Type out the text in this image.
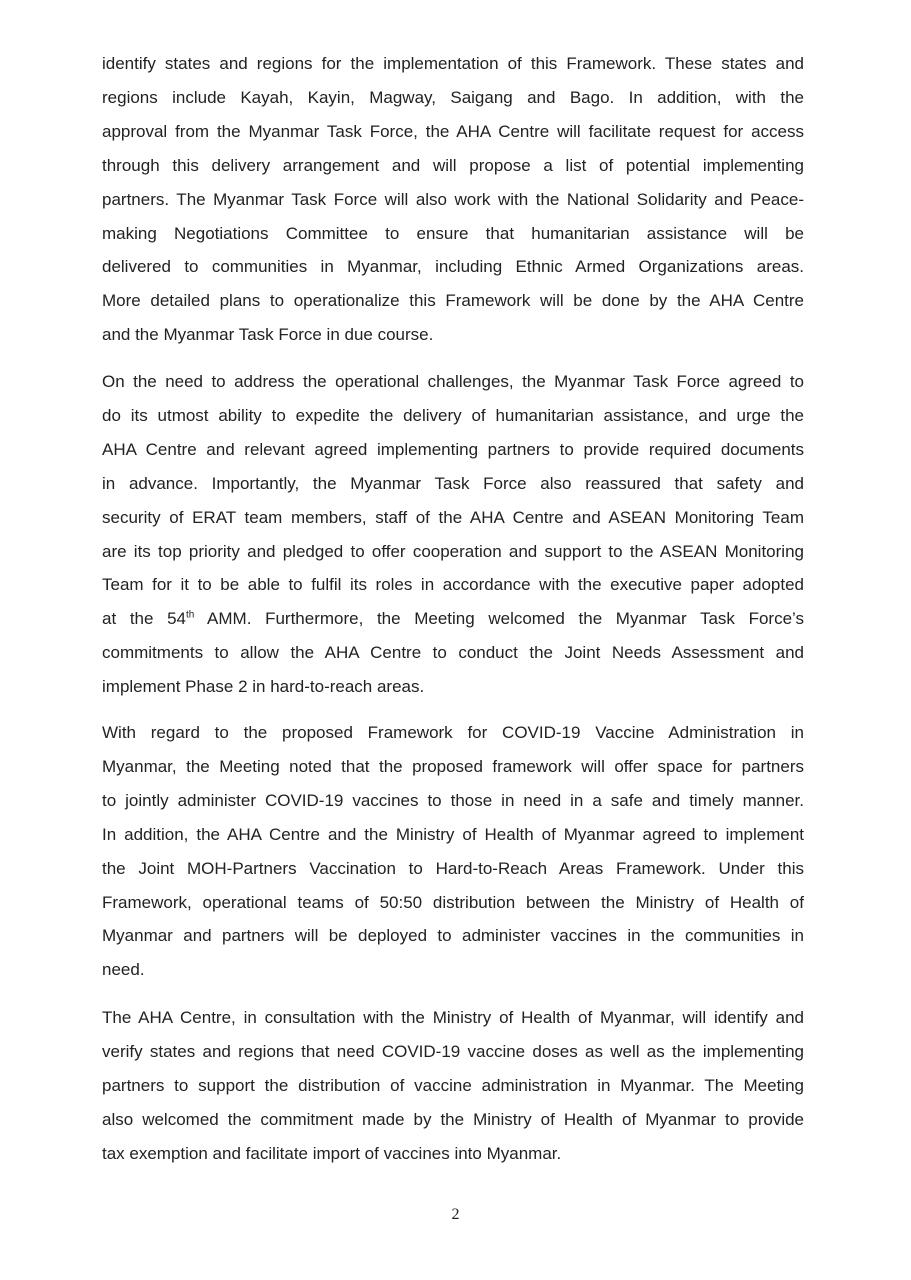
identify states and regions for the implementation of this Framework. These states and
regions include Kayah, Kayin, Magway, Saigang and Bago. In addition, with the
approval from the Myanmar Task Force, the AHA Centre will facilitate request for access
through this delivery arrangement and will propose a list of potential implementing
partners. The Myanmar Task Force will also work with the National Solidarity and Peace-
making Negotiations Committee to ensure that humanitarian assistance will be
delivered to communities in Myanmar, including Ethnic Armed Organizations areas.
More detailed plans to operationalize this Framework will be done by the AHA Centre
and the Myanmar Task Force in due course.
On the need to address the operational challenges, the Myanmar Task Force agreed to
do its utmost ability to expedite the delivery of humanitarian assistance, and urge the
AHA Centre and relevant agreed implementing partners to provide required documents
in advance. Importantly, the Myanmar Task Force also reassured that safety and
security of ERAT team members, staff of the AHA Centre and ASEAN Monitoring Team
are its top priority and pledged to offer cooperation and support to the ASEAN Monitoring
Team for it to be able to fulfil its roles in accordance with the executive paper adopted
at the 54th AMM. Furthermore, the Meeting welcomed the Myanmar Task Force’s
commitments to allow the AHA Centre to conduct the Joint Needs Assessment and
implement Phase 2 in hard-to-reach areas.
With regard to the proposed Framework for COVID-19 Vaccine Administration in
Myanmar, the Meeting noted that the proposed framework will offer space for partners
to jointly administer COVID-19 vaccines to those in need in a safe and timely manner.
In addition, the AHA Centre and the Ministry of Health of Myanmar agreed to implement
the Joint MOH-Partners Vaccination to Hard-to-Reach Areas Framework. Under this
Framework, operational teams of 50:50 distribution between the Ministry of Health of
Myanmar and partners will be deployed to administer vaccines in the communities in
need.
The AHA Centre, in consultation with the Ministry of Health of Myanmar, will identify and
verify states and regions that need COVID-19 vaccine doses as well as the implementing
partners to support the distribution of vaccine administration in Myanmar. The Meeting
also welcomed the commitment made by the Ministry of Health of Myanmar to provide
tax exemption and facilitate import of vaccines into Myanmar.
2
